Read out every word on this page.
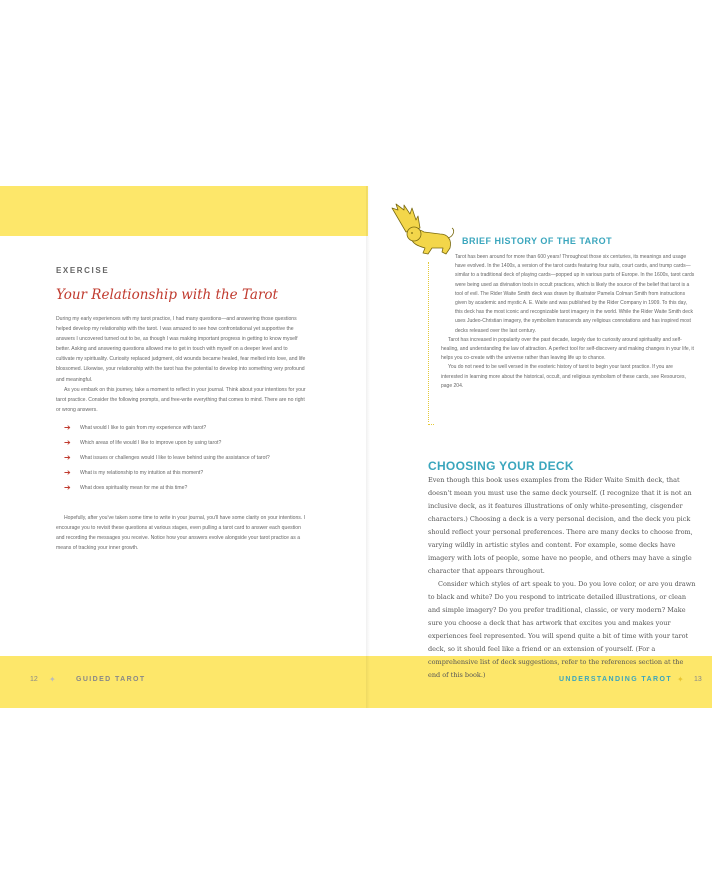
EXERCISE
Your Relationship with the Tarot

During my early experiences with my tarot practice, I had many questions—and answering those questions helped develop my relationship with the tarot. I was amazed to see how confrontational yet supportive the answers I uncovered turned out to be, as though I was making important progress in getting to know myself better. Asking and answering questions allowed me to get in touch with myself on a deeper level and to cultivate my spirituality. Curiosity replaced judgment, old wounds became healed, fear melted into love, and life blossomed. Likewise, your relationship with the tarot has the potential to develop into something very profound and meaningful.

As you embark on this journey, take a moment to reflect in your journal. Think about your intentions for your tarot practice. Consider the following prompts, and free-write everything that comes to mind. There are no right or wrong answers.

➔ What would I like to gain from my experience with tarot?
➔ Which areas of life would I like to improve upon by using tarot?
➔ What issues or challenges would I like to leave behind using the assistance of tarot?
➔ What is my relationship to my intuition at this moment?
➔ What does spirituality mean for me at this time?

Hopefully, after you've taken some time to write in your journal, you'll have some clarity on your intentions. I encourage you to revisit these questions at various stages, even pulling a tarot card to answer each question and recording the messages you receive. Notice how your answers evolve alongside your tarot practice as a means of tracking your inner growth.

12 ✦	GUIDED TAROT
BRIEF HISTORY OF THE TAROT

Tarot has been around for more than 600 years! Throughout those six centuries, its meanings and usage have evolved. In the 1400s, a version of the tarot cards featuring four suits, court cards, and trump cards—similar to a traditional deck of playing cards—popped up in various parts of Europe. In the 1600s, tarot cards were being used as divination tools in occult practices, which is likely the source of the belief that tarot is a tool of evil. The Rider Waite Smith deck was drawn by illustrator Pamela Colman Smith from instructions given by academic and mystic A. E. Waite and was published by the Rider Company in 1909. To this day, this deck has the most iconic and recognizable tarot imagery in the world. While the Rider Waite Smith deck uses Judeo-Christian imagery, the symbolism transcends any religious connotations and has inspired most decks released over the last century.

Tarot has increased in popularity over the past decade, largely due to curiosity around spirituality and self-healing, and understanding the law of attraction. A perfect tool for self-discovery and making changes in your life, it helps you co-create with the universe rather than leaving life up to chance.

You do not need to be well versed in the esoteric history of tarot to begin your tarot practice. If you are interested in learning more about the historical, occult, and religious symbolism of these cards, see Resources, page 204.

CHOOSING YOUR DECK

Even though this book uses examples from the Rider Waite Smith deck, that doesn't mean you must use the same deck yourself. (I recognize that it is not an inclusive deck, as it features illustrations of only white-presenting, cisgender characters.) Choosing a deck is a very personal decision, and the deck you pick should reflect your personal preferences. There are many decks to choose from, varying wildly in artistic styles and content. For example, some decks have imagery with lots of people, some have no people, and others may have a single character that appears throughout.

Consider which styles of art speak to you. Do you love color, or are you drawn to black and white? Do you respond to intricate detailed illustrations, or clean and simple imagery? Do you prefer traditional, classic, or very modern? Make sure you choose a deck that has artwork that excites you and makes your experiences feel represented. You will spend quite a bit of time with your tarot deck, so it should feel like a friend or an extension of yourself. (For a comprehensive list of deck suggestions, refer to the references section at the end of this book.)

UNDERSTANDING TAROT ✦ 13
